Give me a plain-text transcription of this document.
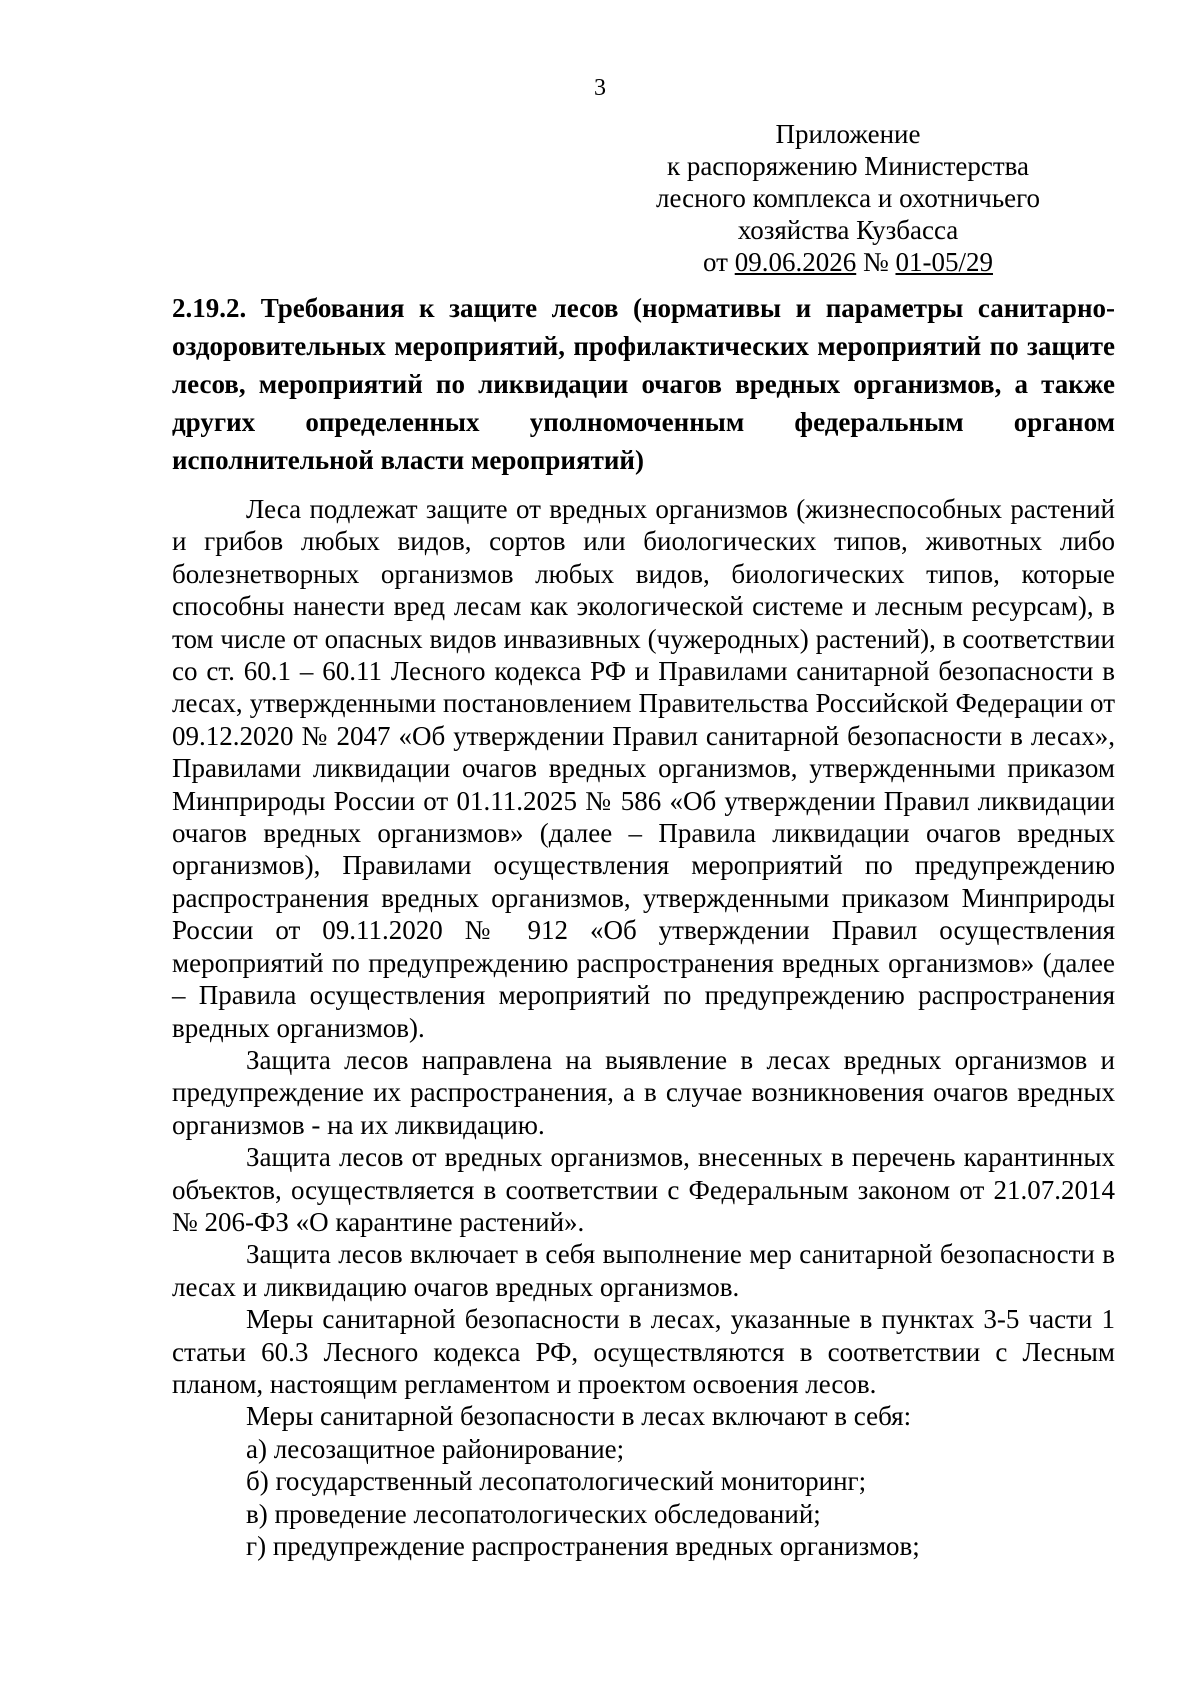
3
Приложение
к распоряжению Министерства
лесного комплекса и охотничьего
хозяйства Кузбасса
от 09.06.2026 № 01-05/29
2.19.2. Требования к защите лесов (нормативы и параметры санитарно-оздоровительных мероприятий, профилактических мероприятий по защите лесов, мероприятий по ликвидации очагов вредных организмов, а также других определенных уполномоченным федеральным органом исполнительной власти мероприятий)

Леса подлежат защите от вредных организмов (жизнеспособных растений и грибов любых видов, сортов или биологических типов, животных либо болезнетворных организмов любых видов, биологических типов, которые способны нанести вред лесам как экологической системе и лесным ресурсам), в том числе от опасных видов инвазивных (чужеродных) растений), в соответствии со ст. 60.1 – 60.11 Лесного кодекса РФ и Правилами санитарной безопасности в лесах, утвержденными постановлением Правительства Российской Федерации от 09.12.2020 № 2047 «Об утверждении Правил санитарной безопасности в лесах», Правилами ликвидации очагов вредных организмов, утвержденными приказом Минприроды России от 01.11.2025 № 586 «Об утверждении Правил ликвидации очагов вредных организмов» (далее – Правила ликвидации очагов вредных организмов), Правилами осуществления мероприятий по предупреждению распространения вредных организмов, утвержденными приказом Минприроды России от 09.11.2020 № 912 «Об утверждении Правил осуществления мероприятий по предупреждению распространения вредных организмов» (далее – Правила осуществления мероприятий по предупреждению распространения вредных организмов).

Защита лесов направлена на выявление в лесах вредных организмов и предупреждение их распространения, а в случае возникновения очагов вредных организмов - на их ликвидацию.

Защита лесов от вредных организмов, внесенных в перечень карантинных объектов, осуществляется в соответствии с Федеральным законом от 21.07.2014 № 206-ФЗ «О карантине растений».

Защита лесов включает в себя выполнение мер санитарной безопасности в лесах и ликвидацию очагов вредных организмов.

Меры санитарной безопасности в лесах, указанные в пунктах 3-5 части 1 статьи 60.3 Лесного кодекса РФ, осуществляются в соответствии с Лесным планом, настоящим регламентом и проектом освоения лесов.

Меры санитарной безопасности в лесах включают в себя:

а) лесозащитное районирование;

б) государственный лесопатологический мониторинг;

в) проведение лесопатологических обследований;

г) предупреждение распространения вредных организмов;
